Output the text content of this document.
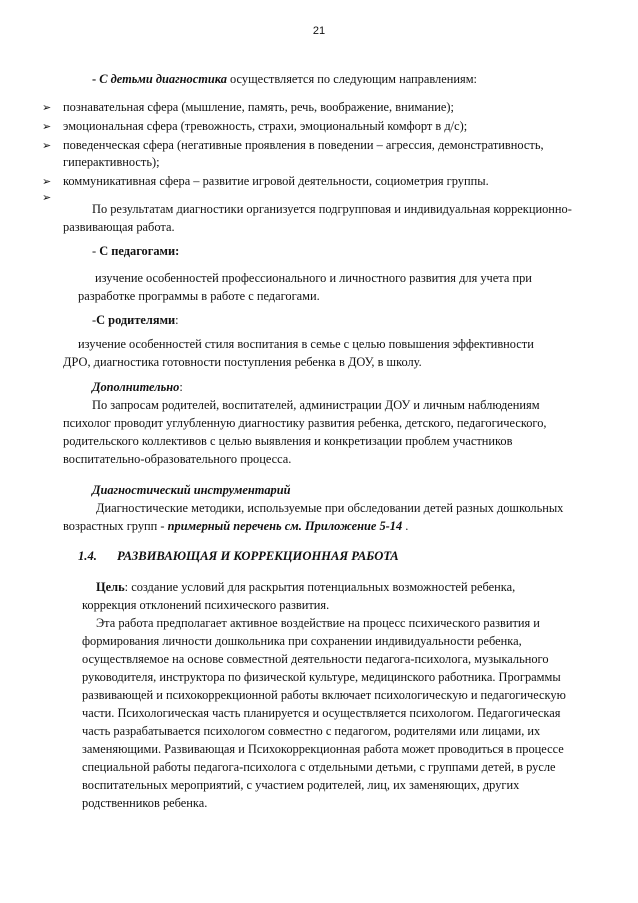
21
- С детьми диагностика осуществляется по следующим направлениям:
➢ познавательная сфера (мышление, память, речь, воображение, внимание);
➢ эмоциональная сфера (тревожность, страхи, эмоциональный комфорт в д/с);
➢ поведенческая сфера (негативные проявления в поведении – агрессия, демонстративность,
гиперактивность);
➢ коммуникативная сфера – развитие игровой деятельности, социометрия группы.
➢
По результатам диагностики организуется подгрупповая и индивидуальная коррекционно-
развивающая работа.
- С педагогами:
изучение особенностей профессионального и личностного развития для учета при
разработке программы в работе с педагогами.
-С родителями:
изучение особенностей стиля воспитания в семье с целью повышения эффективности
ДРО, диагностика готовности поступления ребенка в ДОУ, в школу.
Дополнительно:
По запросам родителей, воспитателей, администрации ДОУ и личным наблюдениям
психолог проводит углубленную диагностику развития ребенка, детского, педагогического,
родительского коллективов с целью выявления и конкретизации проблем участников
воспитательно-образовательного процесса.
Диагностический инструментарий
Диагностические методики, используемые при обследовании детей разных дошкольных
возрастных групп - примерный перечень см. Приложение 5-14 .
1.4. РАЗВИВАЮЩАЯ И КОРРЕКЦИОННАЯ РАБОТА
Цель: создание условий для раскрытия потенциальных возможностей ребенка,
коррекция отклонений психического развития.
Эта работа предполагает активное воздействие на процесс психического развития и
формирования личности дошкольника при сохранении индивидуальности ребенка,
осуществляемое на основе совместной деятельности педагога-психолога, музыкального
руководителя, инструктора по физической культуре, медицинского работника. Программы
развивающей и психокоррекционной работы включает психологическую и педагогическую
части. Психологическая часть планируется и осуществляется психологом. Педагогическая
часть разрабатывается психологом совместно с педагогом, родителями или лицами, их
заменяющими. Развивающая и Психокоррекционная работа может проводиться в процессе
специальной работы педагога-психолога с отдельными детьми, с группами детей, в русле
воспитательных мероприятий, с участием родителей, лиц, их заменяющих, других
родственников ребенка.
